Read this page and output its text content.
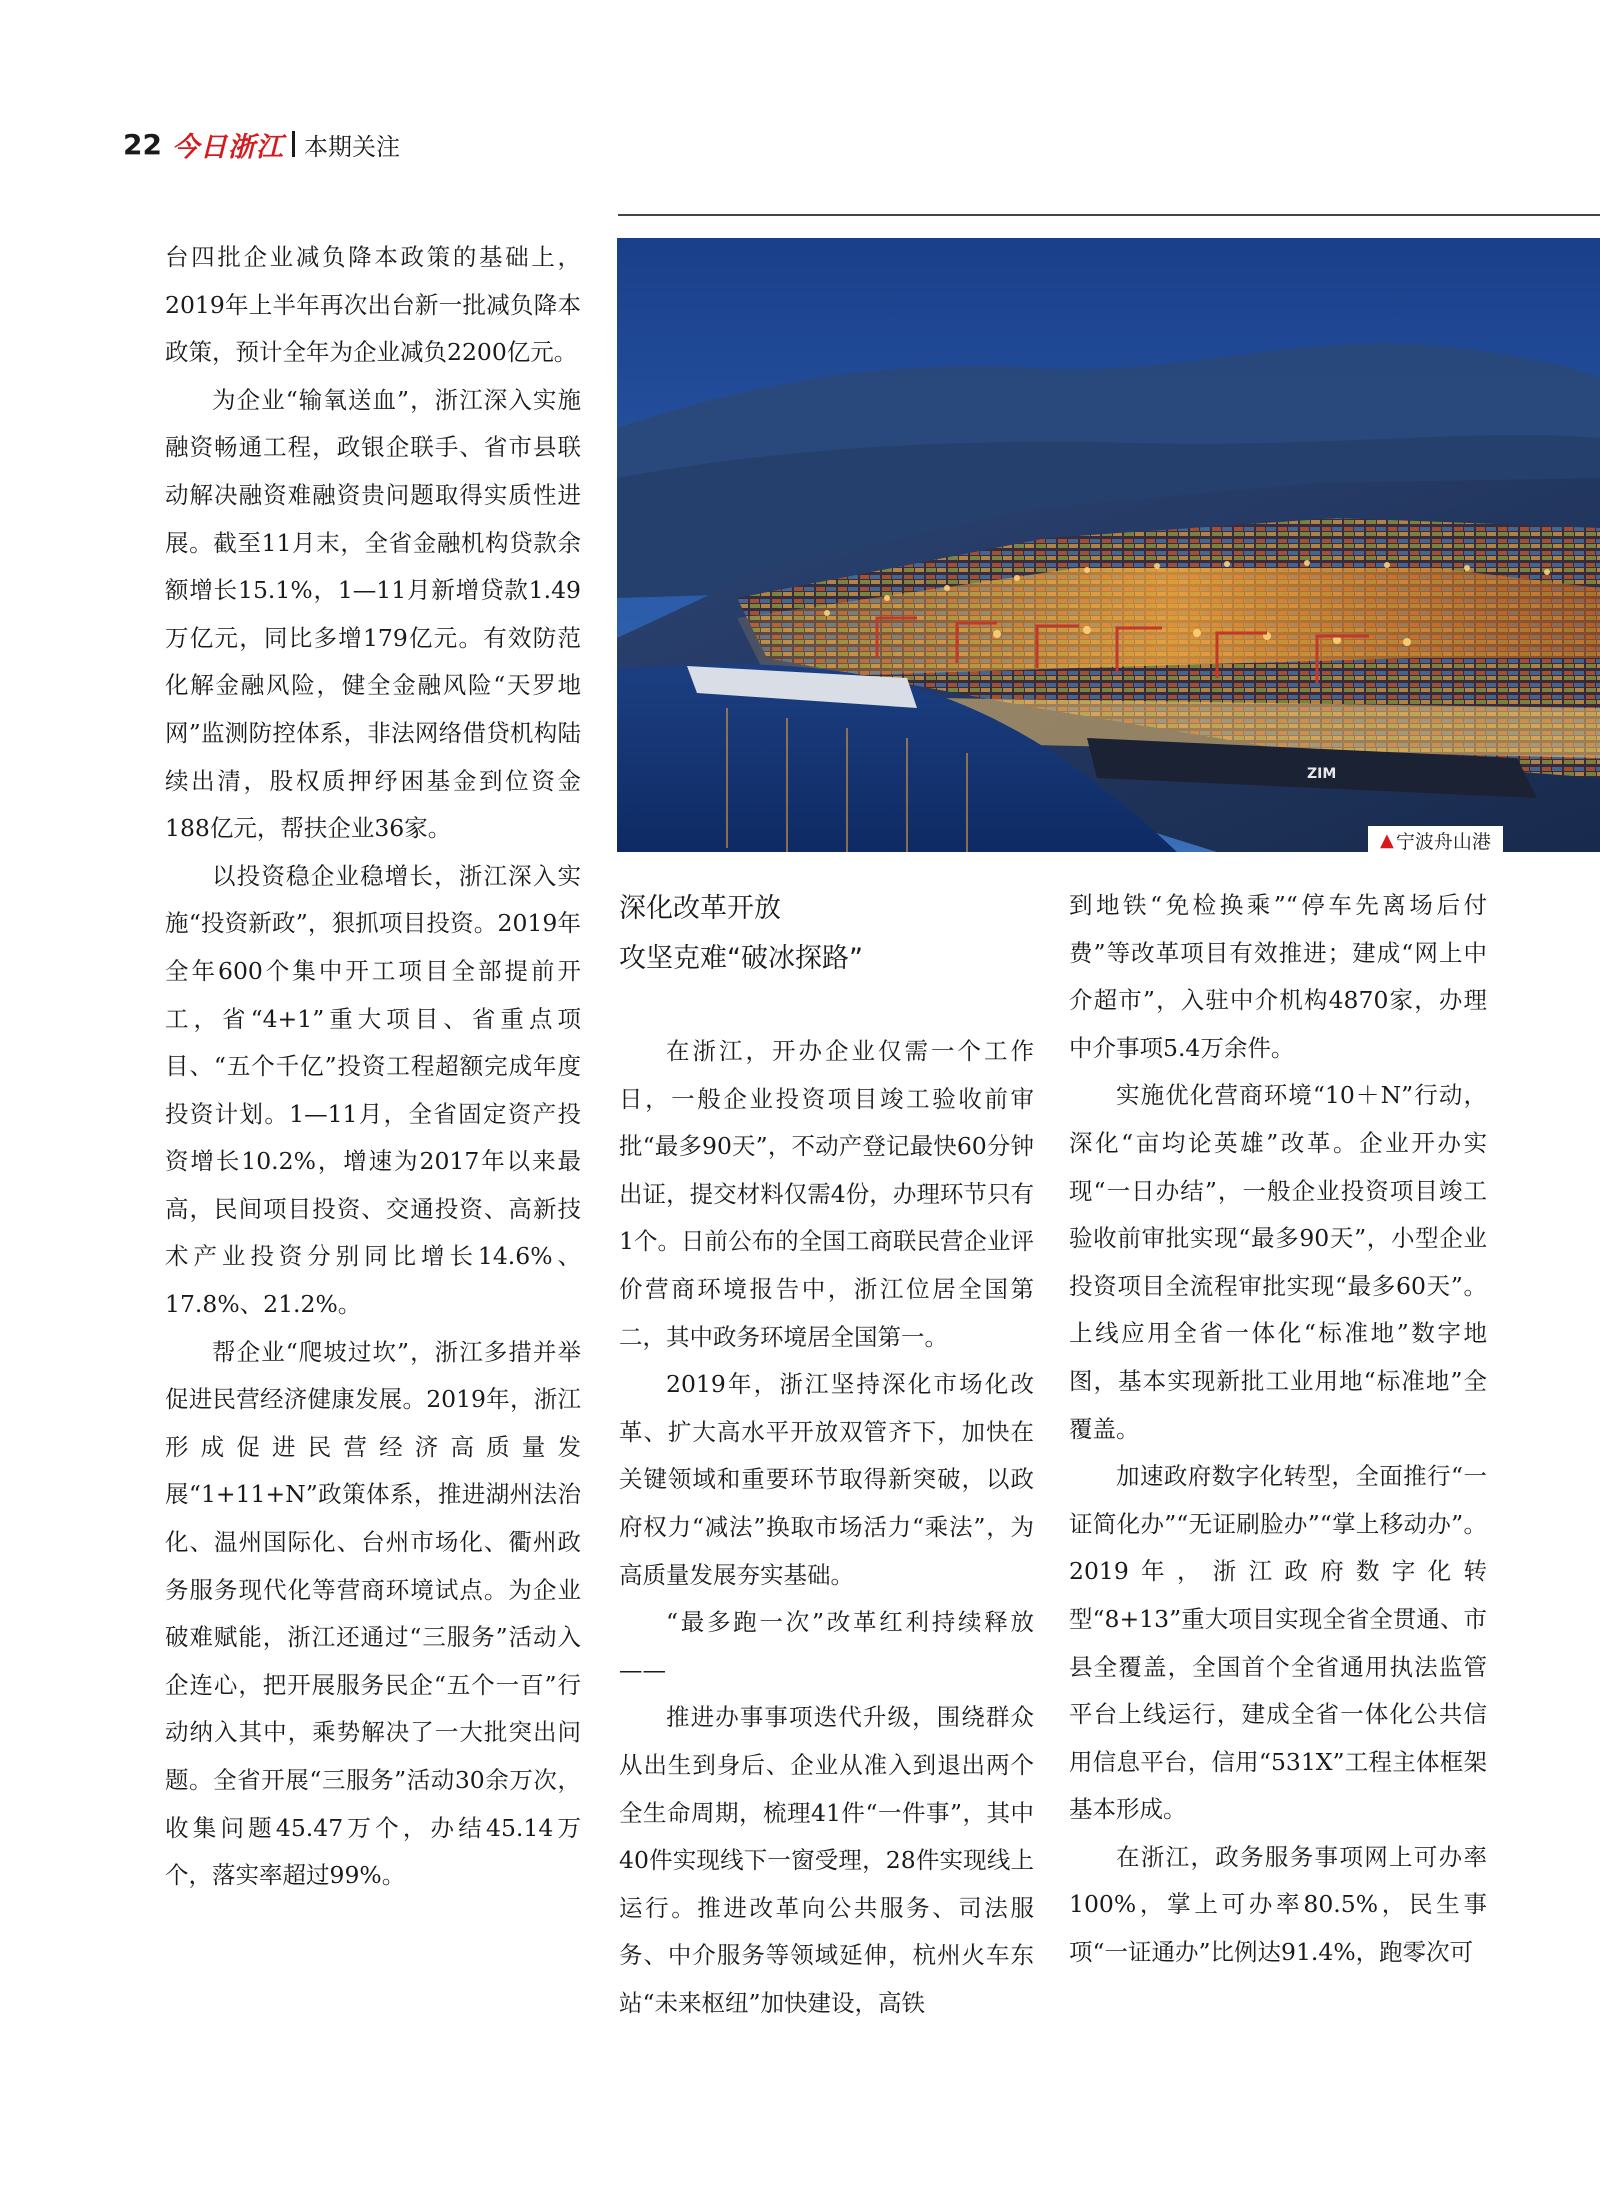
22 今日浙江 本期关注
ZIM
▲ 宁波舟山港

台四批企业减负降本政策的基础上，2019年上半年再次出台新一批减负降本政策，预计全年为企业减负2200亿元。

为企业“输氧送血”，浙江深入实施融资畅通工程，政银企联手、省市县联动解决融资难融资贵问题取得实质性进展。截至11月末，全省金融机构贷款余额增长15.1%，1—11月新增贷款1.49万亿元，同比多增179亿元。有效防范化解金融风险，健全金融风险“天罗地网”监测防控体系，非法网络借贷机构陆续出清，股权质押纾困基金到位资金188亿元，帮扶企业36家。

以投资稳企业稳增长，浙江深入实施“投资新政”，狠抓项目投资。2019年全年600个集中开工项目全部提前开工，省“4+1”重大项目、省重点项目、“五个千亿”投资工程超额完成年度投资计划。1—11月，全省固定资产投资增长10.2%，增速为2017年以来最高，民间项目投资、交通投资、高新技术产业投资分别同比增长14.6%、17.8%、21.2%。

帮企业“爬坡过坎”，浙江多措并举促进民营经济健康发展。2019年，浙江形成促进民营经济高质量发展“1+11+N”政策体系，推进湖州法治化、温州国际化、台州市场化、衢州政务服务现代化等营商环境试点。为企业破难赋能，浙江还通过“三服务”活动入企连心，把开展服务民企“五个一百”行动纳入其中，乘势解决了一大批突出问题。全省开展“三服务”活动30余万次，收集问题45.47万个，办结45.14万个，落实率超过99%。

深化改革开放
攻坚克难“破冰探路”

在浙江，开办企业仅需一个工作日，一般企业投资项目竣工验收前审批“最多90天”，不动产登记最快60分钟出证，提交材料仅需4份，办理环节只有1个。日前公布的全国工商联民营企业评价营商环境报告中，浙江位居全国第二，其中政务环境居全国第一。

2019年，浙江坚持深化市场化改革、扩大高水平开放双管齐下，加快在关键领域和重要环节取得新突破，以政府权力“减法”换取市场活力“乘法”，为高质量发展夯实基础。

“最多跑一次”改革红利持续释放——

推进办事事项迭代升级，围绕群众从出生到身后、企业从准入到退出两个全生命周期，梳理41件“一件事”，其中40件实现线下一窗受理，28件实现线上运行。推进改革向公共服务、司法服务、中介服务等领域延伸，杭州火车东站“未来枢纽”加快建设，高铁

到地铁“免检换乘”“停车先离场后付费”等改革项目有效推进；建成“网上中介超市”，入驻中介机构4870家，办理中介事项5.4万余件。

实施优化营商环境“10＋N”行动，深化“亩均论英雄”改革。企业开办实现“一日办结”，一般企业投资项目竣工验收前审批实现“最多90天”，小型企业投资项目全流程审批实现“最多60天”。上线应用全省一体化“标准地”数字地图，基本实现新批工业用地“标准地”全覆盖。

加速政府数字化转型，全面推行“一证简化办”“无证刷脸办”“掌上移动办”。2019年，浙江政府数字化转型“8+13”重大项目实现全省全贯通、市县全覆盖，全国首个全省通用执法监管平台上线运行，建成全省一体化公共信用信息平台，信用“531X”工程主体框架基本形成。

在浙江，政务服务事项网上可办率100%，掌上可办率80.5%，民生事项“一证通办”比例达91.4%，跑零次可
